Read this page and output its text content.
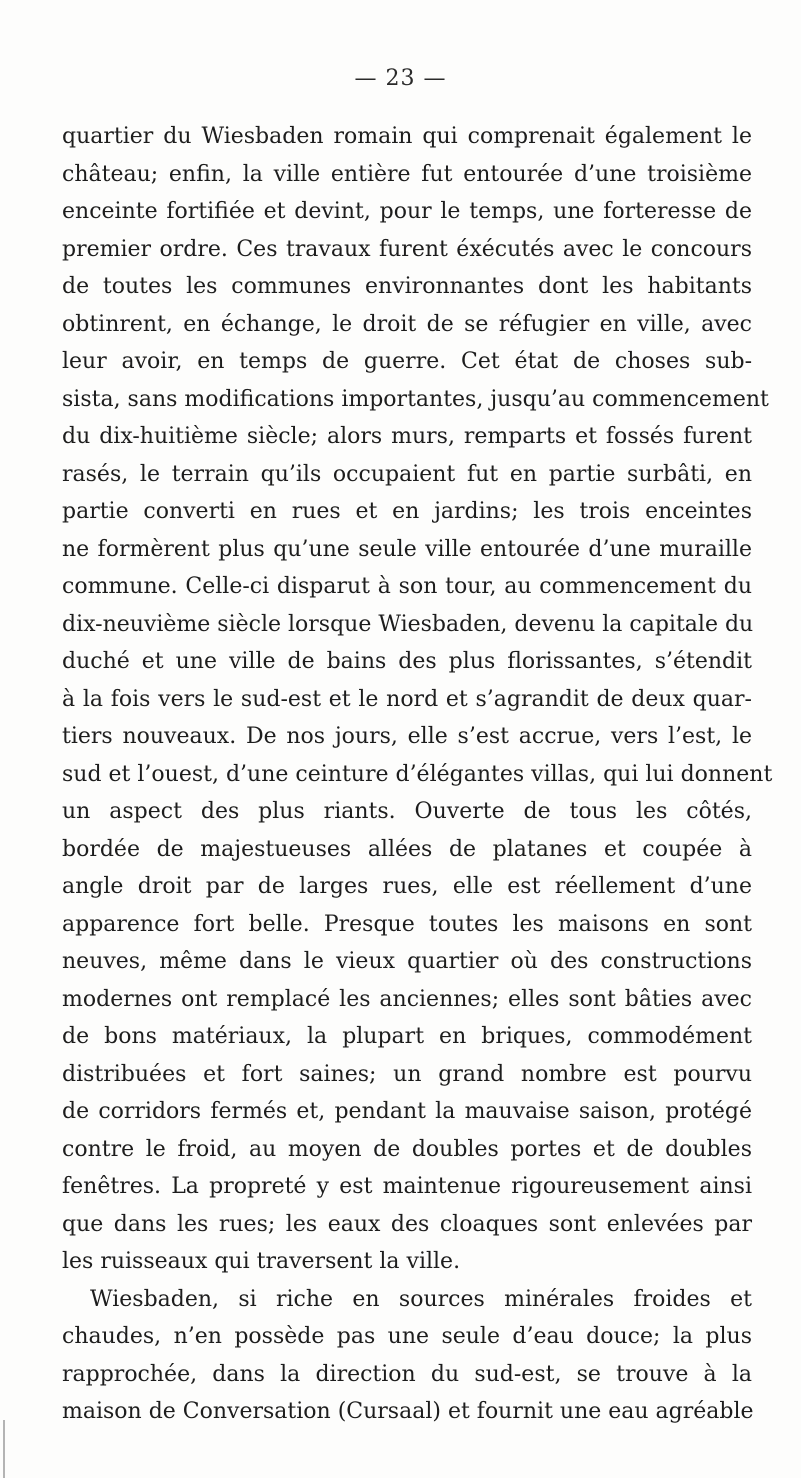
— 23 —
quartier du Wiesbaden romain qui comprenait également le
château; enfin, la ville entière fut entourée d’une troisième
enceinte fortifiée et devint, pour le temps, une forteresse de
premier ordre. Ces travaux furent éxécutés avec le concours
de toutes les communes environnantes dont les habitants
obtinrent, en échange, le droit de se réfugier en ville, avec
leur avoir, en temps de guerre. Cet état de choses sub-
sista, sans modifications importantes, jusqu’au commencement
du dix-huitième siècle; alors murs, remparts et fossés furent
rasés, le terrain qu’ils occupaient fut en partie surbâti, en
partie converti en rues et en jardins; les trois enceintes
ne formèrent plus qu’une seule ville entourée d’une muraille
commune. Celle-ci disparut à son tour, au commencement du
dix-neuvième siècle lorsque Wiesbaden, devenu la capitale du
duché et une ville de bains des plus florissantes, s’étendit
à la fois vers le sud-est et le nord et s’agrandit de deux quar-
tiers nouveaux. De nos jours, elle s’est accrue, vers l’est, le
sud et l’ouest, d’une ceinture d’élégantes villas, qui lui donnent
un aspect des plus riants. Ouverte de tous les côtés,
bordée de majestueuses allées de platanes et coupée à
angle droit par de larges rues, elle est réellement d’une
apparence fort belle. Presque toutes les maisons en sont
neuves, même dans le vieux quartier où des constructions
modernes ont remplacé les anciennes; elles sont bâties avec
de bons matériaux, la plupart en briques, commodément
distribuées et fort saines; un grand nombre est pourvu
de corridors fermés et, pendant la mauvaise saison, protégé
contre le froid, au moyen de doubles portes et de doubles
fenêtres. La propreté y est maintenue rigoureusement ainsi
que dans les rues; les eaux des cloaques sont enlevées par
les ruisseaux qui traversent la ville.
Wiesbaden, si riche en sources minérales froides et
chaudes, n’en possède pas une seule d’eau douce; la plus
rapprochée, dans la direction du sud-est, se trouve à la
maison de Conversation (Cursaal) et fournit une eau agréable
